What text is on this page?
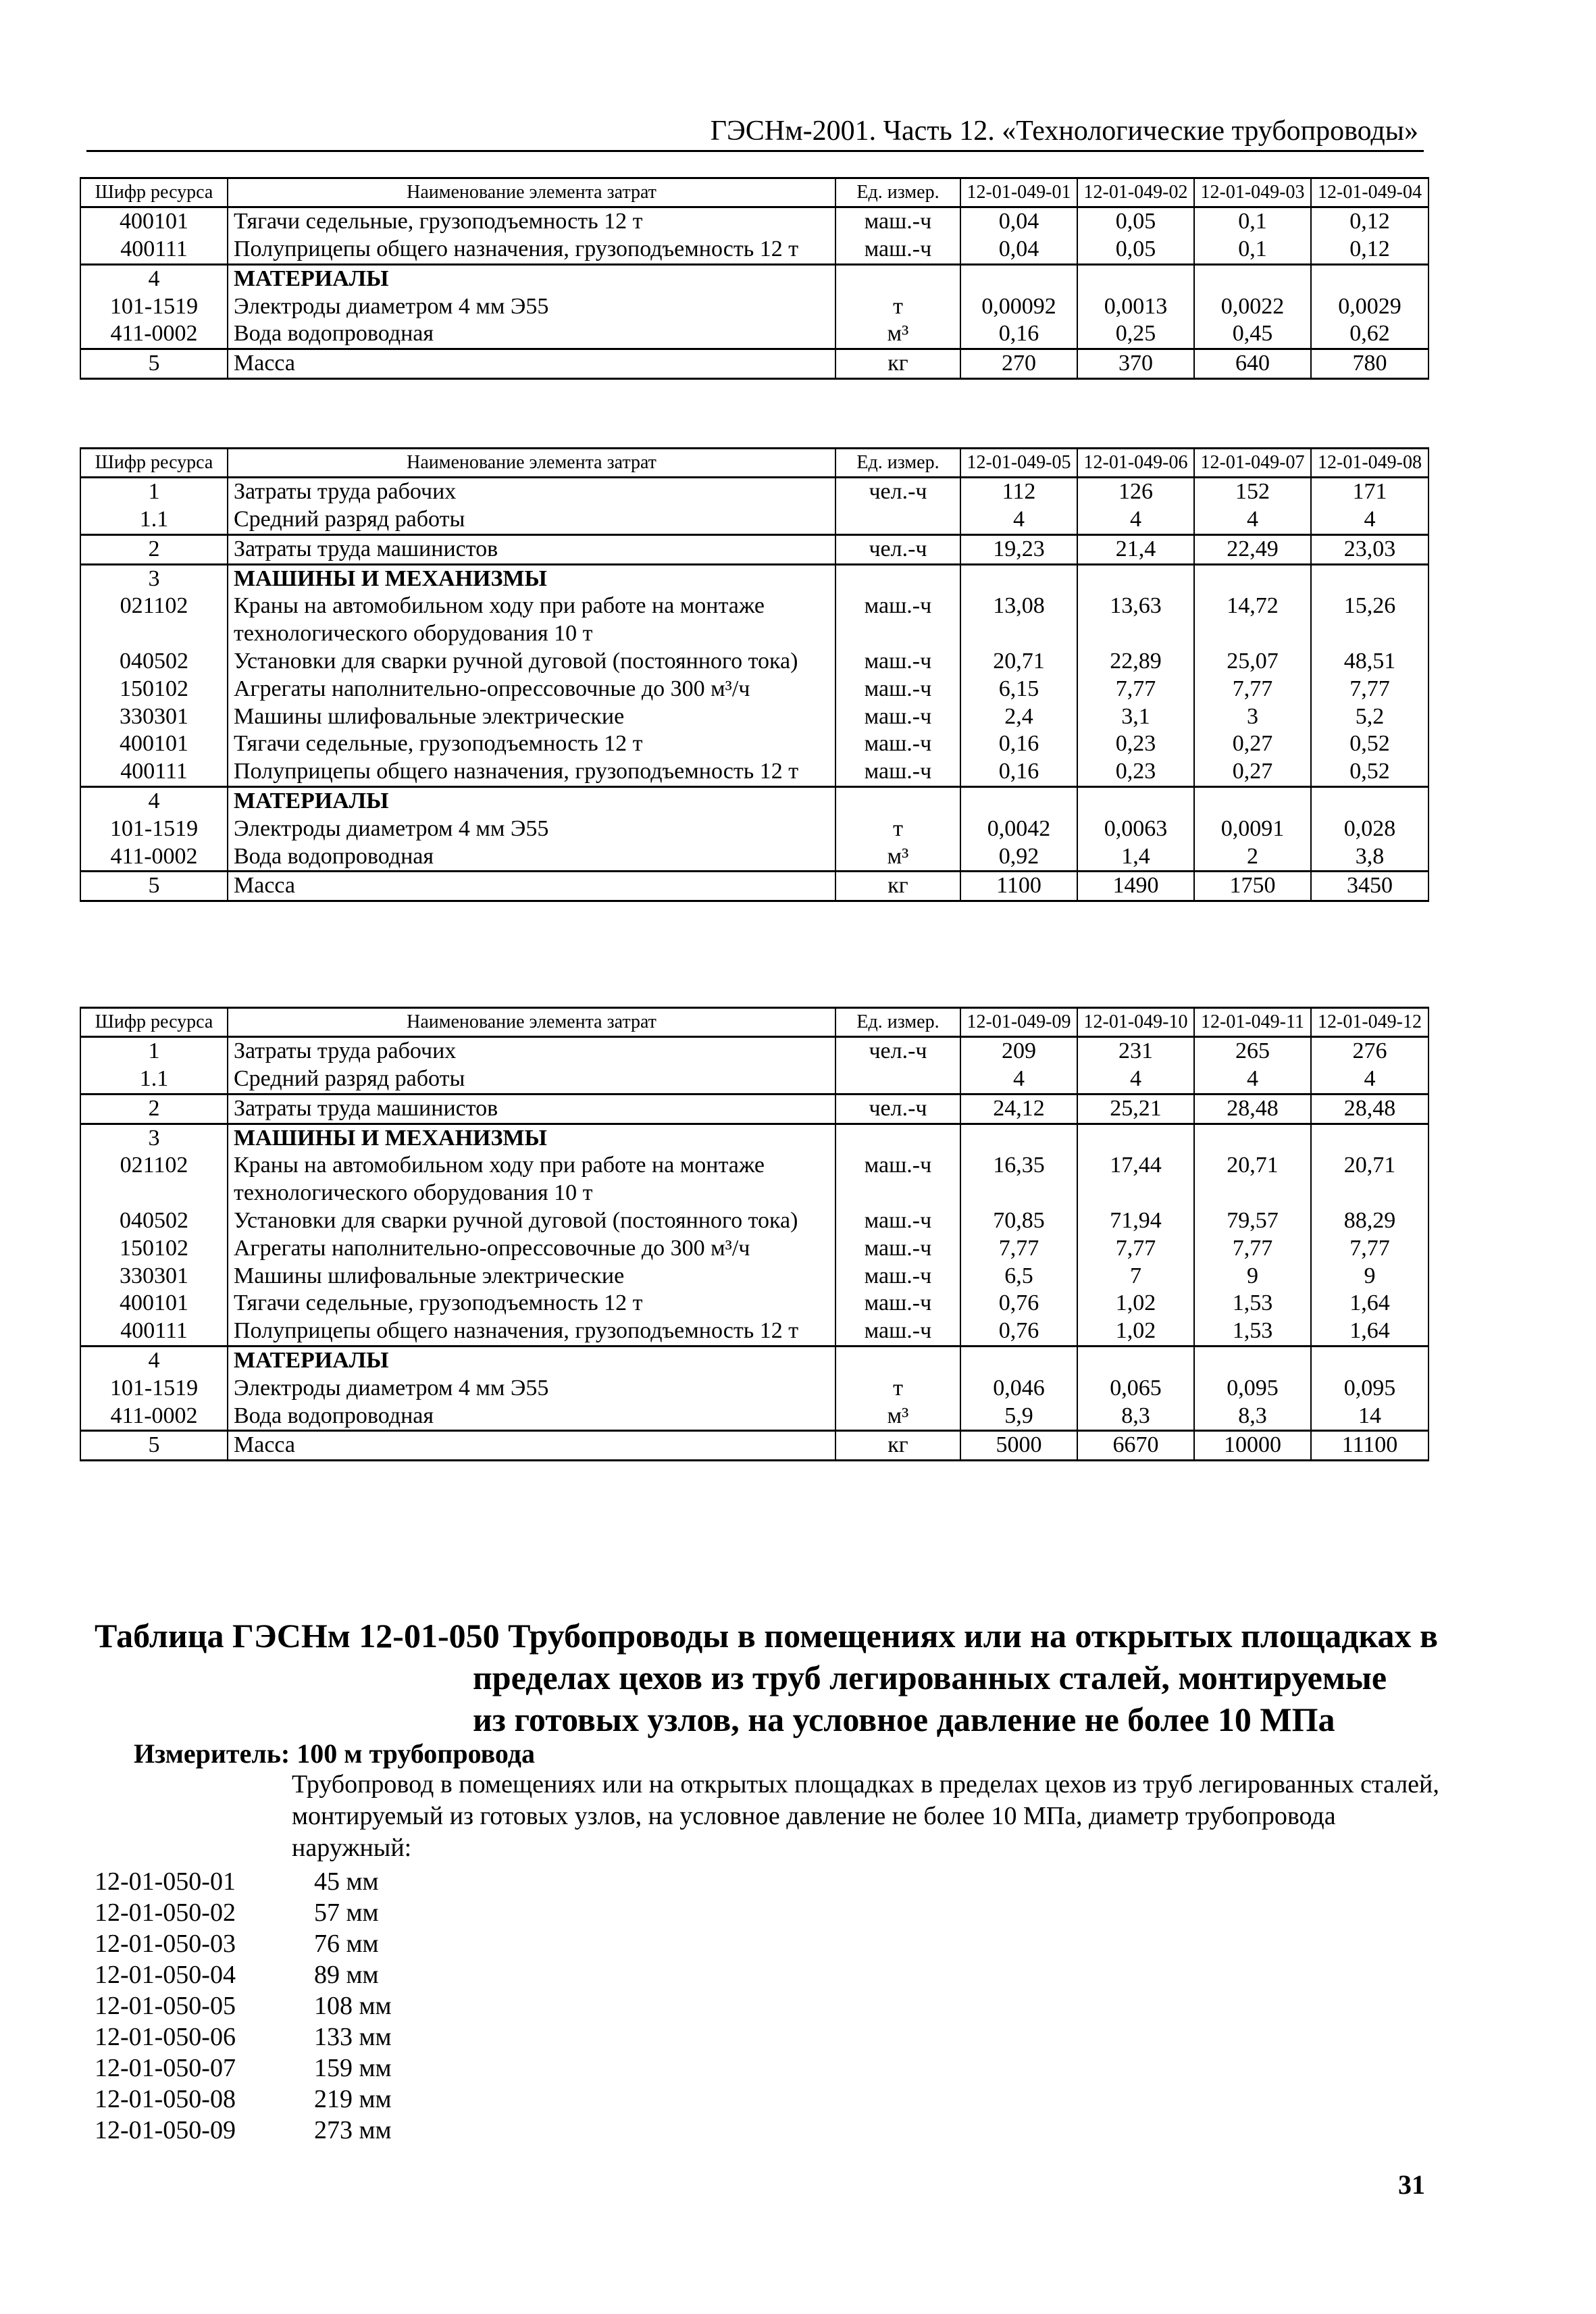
ГЭСНм-2001. Часть 12. «Технологические трубопроводы»
Шифр ресурса	Наименование элемента затрат	Ед. измер.	12-01-049-01	12-01-049-02	12-01-049-03	12-01-049-04
400101	Тягачи седельные, грузоподъемность 12 т	маш.-ч	0,04	0,05	0,1	0,12
400111	Полуприцепы общего назначения, грузоподъемность 12 т	маш.-ч	0,04	0,05	0,1	0,12
4	МАТЕРИАЛЫ					
101-1519	Электроды диаметром 4 мм Э55	т	0,00092	0,0013	0,0022	0,0029
411-0002	Вода водопроводная	м³	0,16	0,25	0,45	0,62
5	Масса	кг	270	370	640	780
Шифр ресурса	Наименование элемента затрат	Ед. измер.	12-01-049-05	12-01-049-06	12-01-049-07	12-01-049-08
1	Затраты труда рабочих	чел.-ч	112	126	152	171
1.1	Средний разряд работы		4	4	4	4
2	Затраты труда машинистов	чел.-ч	19,23	21,4	22,49	23,03
3	МАШИНЫ И МЕХАНИЗМЫ					
021102	Краны на автомобильном ходу при работе на монтаже технологического оборудования 10 т	маш.-ч	13,08	13,63	14,72	15,26
040502	Установки для сварки ручной дуговой (постоянного тока)	маш.-ч	20,71	22,89	25,07	48,51
150102	Агрегаты наполнительно-опрессовочные до 300 м³/ч	маш.-ч	6,15	7,77	7,77	7,77
330301	Машины шлифовальные электрические	маш.-ч	2,4	3,1	3	5,2
400101	Тягачи седельные, грузоподъемность 12 т	маш.-ч	0,16	0,23	0,27	0,52
400111	Полуприцепы общего назначения, грузоподъемность 12 т	маш.-ч	0,16	0,23	0,27	0,52
4	МАТЕРИАЛЫ					
101-1519	Электроды диаметром 4 мм Э55	т	0,0042	0,0063	0,0091	0,028
411-0002	Вода водопроводная	м³	0,92	1,4	2	3,8
5	Масса	кг	1100	1490	1750	3450
Шифр ресурса	Наименование элемента затрат	Ед. измер.	12-01-049-09	12-01-049-10	12-01-049-11	12-01-049-12
1	Затраты труда рабочих	чел.-ч	209	231	265	276
1.1	Средний разряд работы		4	4	4	4
2	Затраты труда машинистов	чел.-ч	24,12	25,21	28,48	28,48
3	МАШИНЫ И МЕХАНИЗМЫ					
021102	Краны на автомобильном ходу при работе на монтаже технологического оборудования 10 т	маш.-ч	16,35	17,44	20,71	20,71
040502	Установки для сварки ручной дуговой (постоянного тока)	маш.-ч	70,85	71,94	79,57	88,29
150102	Агрегаты наполнительно-опрессовочные до 300 м³/ч	маш.-ч	7,77	7,77	7,77	7,77
330301	Машины шлифовальные электрические	маш.-ч	6,5	7	9	9
400101	Тягачи седельные, грузоподъемность 12 т	маш.-ч	0,76	1,02	1,53	1,64
400111	Полуприцепы общего назначения, грузоподъемность 12 т	маш.-ч	0,76	1,02	1,53	1,64
4	МАТЕРИАЛЫ					
101-1519	Электроды диаметром 4 мм Э55	т	0,046	0,065	0,095	0,095
411-0002	Вода водопроводная	м³	5,9	8,3	8,3	14
5	Масса	кг	5000	6670	10000	11100
Таблица ГЭСНм 12-01-050 Трубопроводы в помещениях или на открытых площадках в
пределах цехов из труб легированных сталей, монтируемые
из готовых узлов, на условное давление не более 10 МПа
Измеритель: 100 м трубопровода
Трубопровод в помещениях или на открытых площадках в пределах цехов из труб легированных сталей, монтируемый из готовых узлов, на условное давление не более 10 МПа, диаметр трубопровода наружный:
12-01-050-01	45 мм
12-01-050-02	57 мм
12-01-050-03	76 мм
12-01-050-04	89 мм
12-01-050-05	108 мм
12-01-050-06	133 мм
12-01-050-07	159 мм
12-01-050-08	219 мм
12-01-050-09	273 мм
31
